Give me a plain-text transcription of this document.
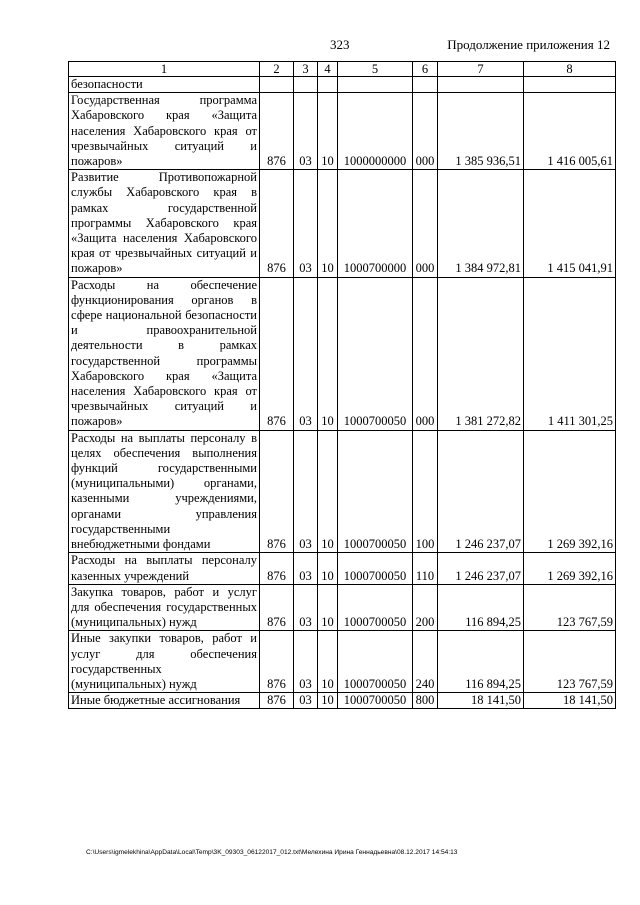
323	Продолжение приложения 12
1	2	3	4	5	6	7	8
безопасности							
Государственная программа Хабаровского края «Защита населения Хабаровского края от чрезвычайных ситуаций и пожаров»	876	03	10	1000000000	000	1 385 936,51	1 416 005,61
Развитие Противопожарной службы Хабаровского края в рамках государственной программы Хабаровского края «Защита населения Хабаровского края от чрезвычайных ситуаций и пожаров»	876	03	10	1000700000	000	1 384 972,81	1 415 041,91
Расходы на обеспечение функционирования органов в сфере национальной безопасности и правоохранительной деятельности в рамках государственной программы Хабаровского края «Защита населения Хабаровского края от чрезвычайных ситуаций и пожаров»	876	03	10	1000700050	000	1 381 272,82	1 411 301,25
Расходы на выплаты персоналу в целях обеспечения выполнения функций государственными (муниципальными) органами, казенными учреждениями, органами управления государственными внебюджетными фондами	876	03	10	1000700050	100	1 246 237,07	1 269 392,16
Расходы на выплаты персоналу казенных учреждений	876	03	10	1000700050	110	1 246 237,07	1 269 392,16
Закупка товаров, работ и услуг для обеспечения государственных (муниципальных) нужд	876	03	10	1000700050	200	116 894,25	123 767,59
Иные закупки товаров, работ и услуг для обеспечения государственных (муниципальных) нужд	876	03	10	1000700050	240	116 894,25	123 767,59
Иные бюджетные ассигнования	876	03	10	1000700050	800	18 141,50	18 141,50
C:\Users\igmelekhina\AppData\Local\Temp\3K_09303_06122017_012.txt\Мелехина Ирина Геннадьевна\08.12.2017 14:54:13
